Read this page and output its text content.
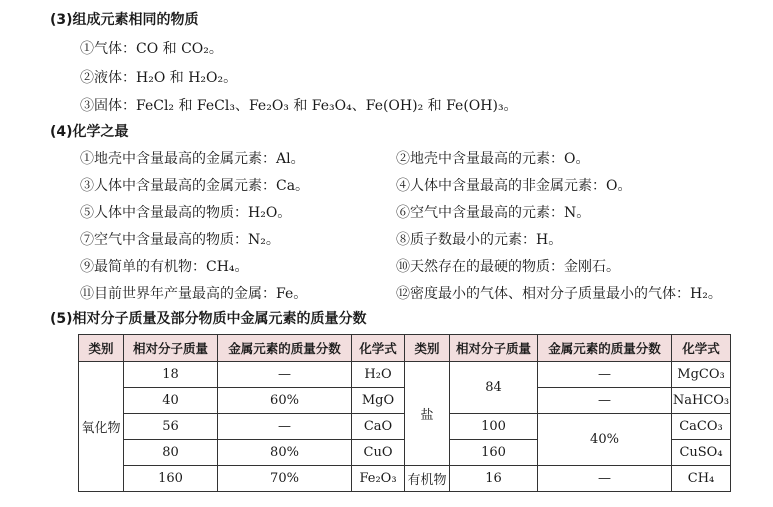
(3)组成元素相同的物质
①气体：CO 和 CO₂。
②液体：H₂O 和 H₂O₂。
③固体：FeCl₂ 和 FeCl₃、Fe₂O₃ 和 Fe₃O₄、Fe(OH)₂ 和 Fe(OH)₃。
(4)化学之最
①地壳中含量最高的金属元素：Al。	②地壳中含量最高的元素：O。
③人体中含量最高的金属元素：Ca。	④人体中含量最高的非金属元素：O。
⑤人体中含量最高的物质：H₂O。	⑥空气中含量最高的元素：N。
⑦空气中含量最高的物质：N₂。	⑧质子数最小的元素：H。
⑨最简单的有机物：CH₄。	⑩天然存在的最硬的物质：金刚石。
⑪目前世界年产量最高的金属：Fe。	⑫密度最小的气体、相对分子质量最小的气体：H₂。
(5)相对分子质量及部分物质中金属元素的质量分数
类别	相对分子质量	金属元素的质量分数	化学式	类别	相对分子质量	金属元素的质量分数	化学式
氧化物	18	—	H₂O	盐	84	—	MgCO₃
	40	60%	MgO			—	NaHCO₃
	56	—	CaO		100	40%	CaCO₃
	80	80%	CuO		160		CuSO₄
	160	70%	Fe₂O₃	有机物	16	—	CH₄
